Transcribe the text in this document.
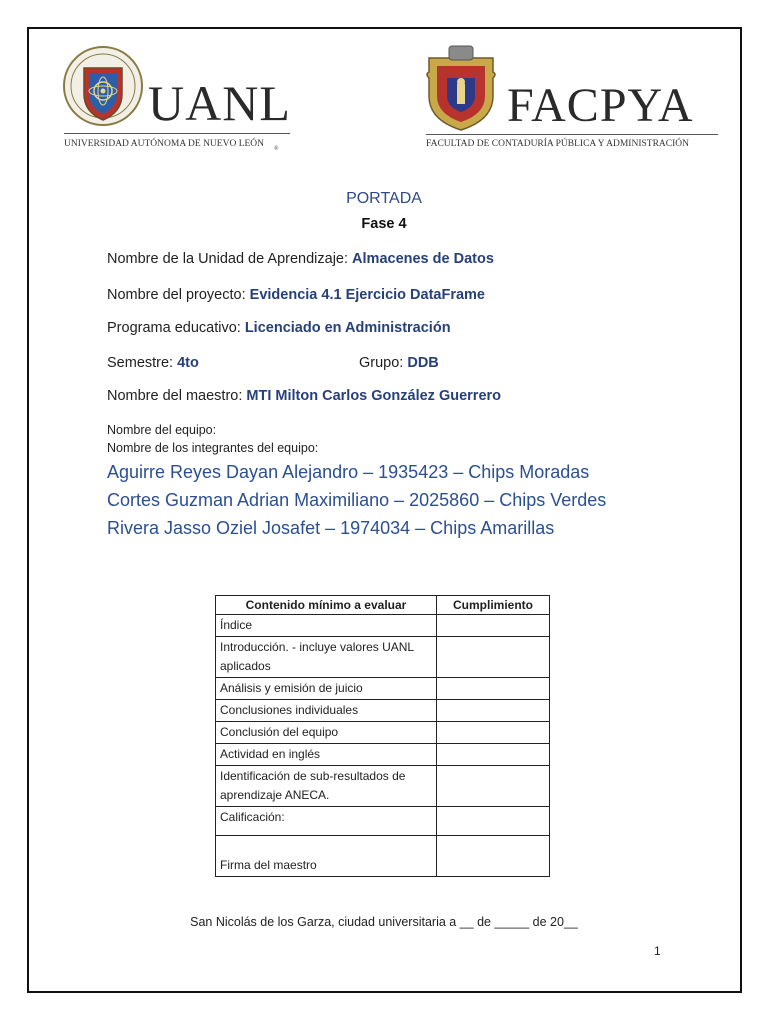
UANL
UNIVERSIDAD AUTÓNOMA DE NUEVO LEÓN ®
FACPYA
FACULTAD DE CONTADURÍA PÚBLICA Y ADMINISTRACIÓN
PORTADA
Fase 4
Nombre de la Unidad de Aprendizaje: Almacenes de Datos
Nombre del proyecto: Evidencia 4.1 Ejercicio DataFrame
Programa educativo: Licenciado en Administración
Semestre: 4to	Grupo: DDB
Nombre del maestro: MTI Milton Carlos González Guerrero
Nombre del equipo:
Nombre de los integrantes del equipo:
Aguirre Reyes Dayan Alejandro – 1935423 – Chips Moradas
Cortes Guzman Adrian Maximiliano – 2025860 – Chips Verdes
Rivera Jasso Oziel Josafet – 1974034 – Chips Amarillas
Contenido mínimo a evaluar	Cumplimiento
Índice	
Introducción. - incluye valores UANL aplicados	
Análisis y emisión de juicio	
Conclusiones individuales	
Conclusión del equipo	
Actividad en inglés	
Identificación de sub-resultados de aprendizaje ANECA.	
Calificación:	
Firma del maestro	
San Nicolás de los Garza, ciudad universitaria a __ de _____ de 20__
1
